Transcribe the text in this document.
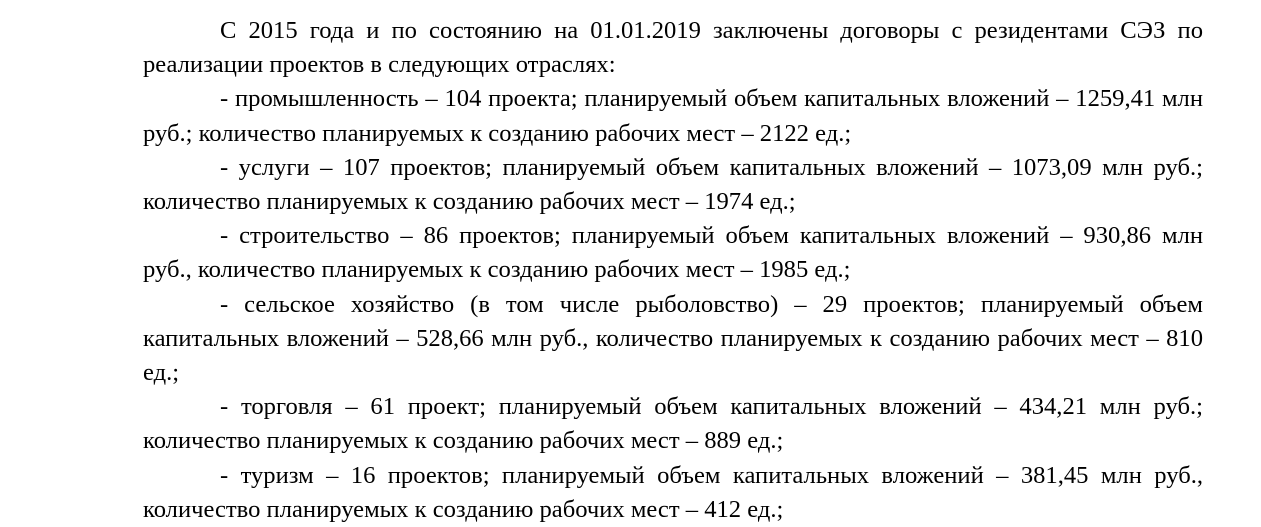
С 2015 года и по состоянию на 01.01.2019 заключены договоры с резидентами СЭЗ по реализации проектов в следующих отраслях:

- промышленность – 104 проекта; планируемый объем капитальных вложений – 1259,41 млн руб.; количество планируемых к созданию рабочих мест – 2122 ед.;

- услуги – 107 проектов; планируемый объем капитальных вложений – 1073,09 млн руб.; количество планируемых к созданию рабочих мест – 1974 ед.;

- строительство – 86 проектов; планируемый объем капитальных вложений – 930,86 млн руб., количество планируемых к созданию рабочих мест – 1985 ед.;

- сельское хозяйство (в том числе рыболовство) – 29 проектов; планируемый объем капитальных вложений – 528,66 млн руб., количество планируемых к созданию рабочих мест – 810 ед.;

- торговля – 61 проект; планируемый объем капитальных вложений – 434,21 млн руб.; количество планируемых к созданию рабочих мест – 889 ед.;

- туризм – 16 проектов; планируемый объем капитальных вложений – 381,45 млн руб., количество планируемых к созданию рабочих мест – 412 ед.;
